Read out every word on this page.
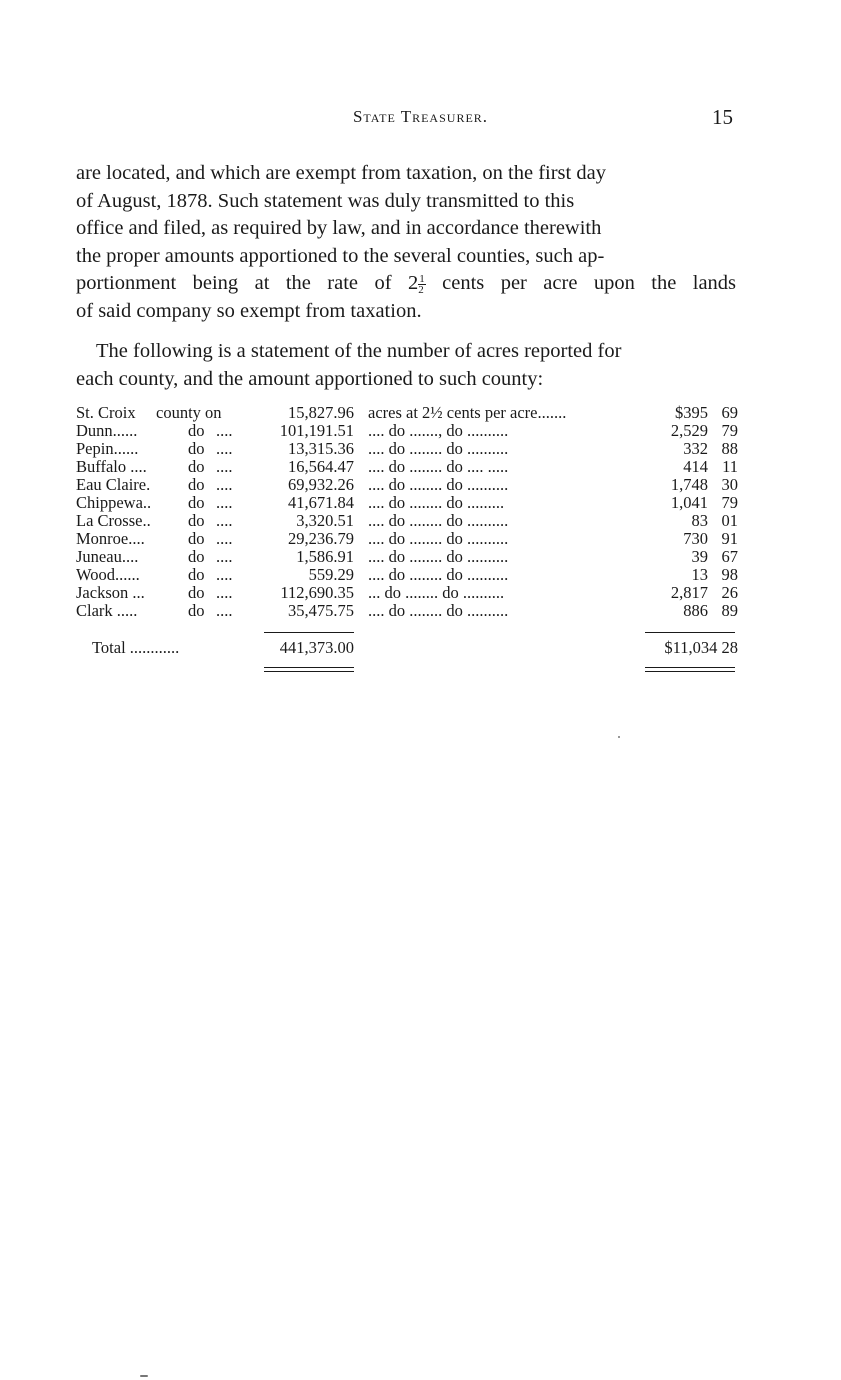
State Treasurer.	15
are located, and which are exempt from taxation, on the first day
of August, 1878. Such statement was duly transmitted to this
office and filed, as required by law, and in accordance therewith
the proper amounts apportioned to the several counties, such ap-
portionment being at the rate of $2 \frac{1}{2}$ cents per acre upon the lands
of said company so exempt from taxation.
The following is a statement of the number of acres reported for
each county, and the amount apportioned to such county:
St. Croix county on	15,827.96 acres at 2½ cents per acre.......	$395 69
Dunn......	do ....	101,191.51 .... do ......., do ..........	2,529 79
Pepin......	do ....	13,315.36 .... do ........ do ..........	332 88
Buffalo ....	do ....	16,564.47 .... do ........ do .... .....	414 11
Eau Claire. do ....	69,932.26 .... do ........ do ..........	1,748 30
Chippewa.. do ....	41,671.84 .... do ........ do .........	1,041 79
La Crosse.. do ....	3,320.51 .... do ........ do ..........	83 01
Monroe....	do ....	29,236.79 .... do ........ do ..........	730 91
Juneau....	do ....	1,586.91 .... do ........ do ..........	39 67
Wood......	do ....	559.29 .... do ........ do ..........	13 98
Jackson ...	do ....	112,690.35 ... do ........ do ..........	2,817 26
Clark .....	do ....	35,475.75 .... do ........ do ..........	886 89
Total ............	441,373.00	$11,034 28
